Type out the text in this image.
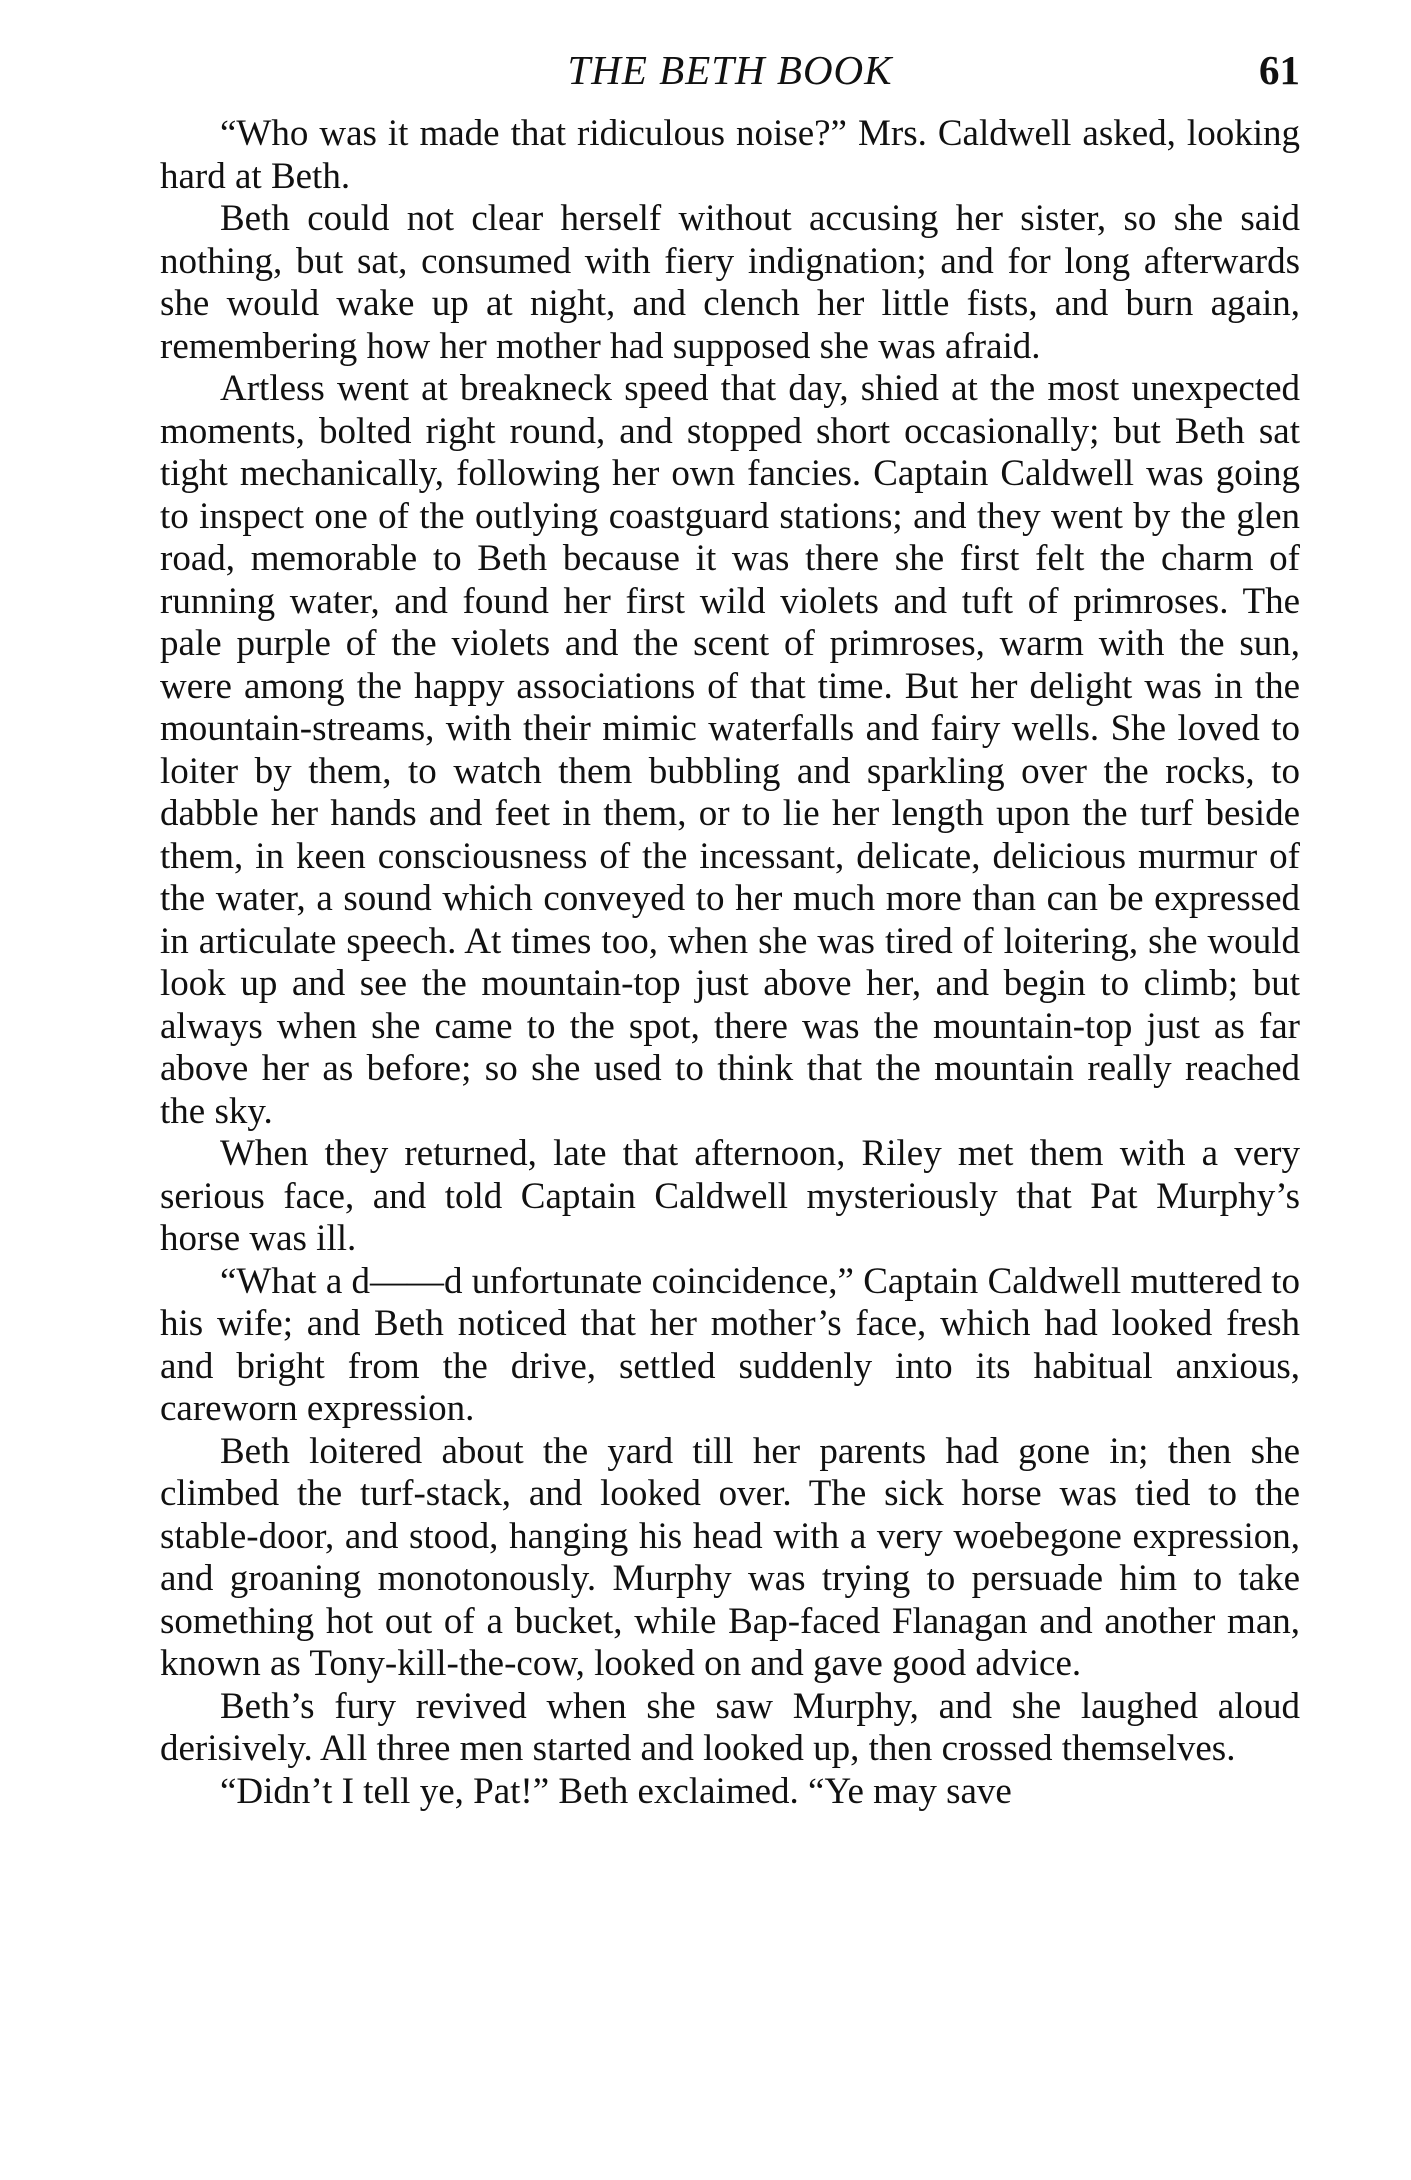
THE BETH BOOK	61

“Who was it made that ridiculous noise?” Mrs. Caldwell asked, looking hard at Beth.

Beth could not clear herself without accusing her sister, so she said nothing, but sat, consumed with fiery indignation; and for long afterwards she would wake up at night, and clench her little fists, and burn again, remembering how her mother had supposed she was afraid.

Artless went at breakneck speed that day, shied at the most unexpected moments, bolted right round, and stopped short occasionally; but Beth sat tight mechanically, following her own fancies. Captain Caldwell was going to inspect one of the outlying coastguard stations; and they went by the glen road, memorable to Beth because it was there she first felt the charm of running water, and found her first wild violets and tuft of primroses. The pale purple of the violets and the scent of primroses, warm with the sun, were among the happy associations of that time. But her delight was in the mountain-streams, with their mimic waterfalls and fairy wells. She loved to loiter by them, to watch them bubbling and sparkling over the rocks, to dabble her hands and feet in them, or to lie her length upon the turf beside them, in keen consciousness of the incessant, delicate, delicious murmur of the water, a sound which conveyed to her much more than can be expressed in articulate speech. At times too, when she was tired of loitering, she would look up and see the mountain-top just above her, and begin to climb; but always when she came to the spot, there was the mountain-top just as far above her as before; so she used to think that the mountain really reached the sky.

When they returned, late that afternoon, Riley met them with a very serious face, and told Captain Caldwell mysteriously that Pat Murphy’s horse was ill.

“What a d——d unfortunate coincidence,” Captain Caldwell muttered to his wife; and Beth noticed that her mother’s face, which had looked fresh and bright from the drive, settled suddenly into its habitual anxious, careworn expression.

Beth loitered about the yard till her parents had gone in; then she climbed the turf-stack, and looked over. The sick horse was tied to the stable-door, and stood, hanging his head with a very woebegone expression, and groaning monotonously. Murphy was trying to persuade him to take something hot out of a bucket, while Bap-faced Flanagan and another man, known as Tony-kill-the-cow, looked on and gave good advice.

Beth’s fury revived when she saw Murphy, and she laughed aloud derisively. All three men started and looked up, then crossed themselves.

“Didn’t I tell ye, Pat!” Beth exclaimed. “Ye may save
